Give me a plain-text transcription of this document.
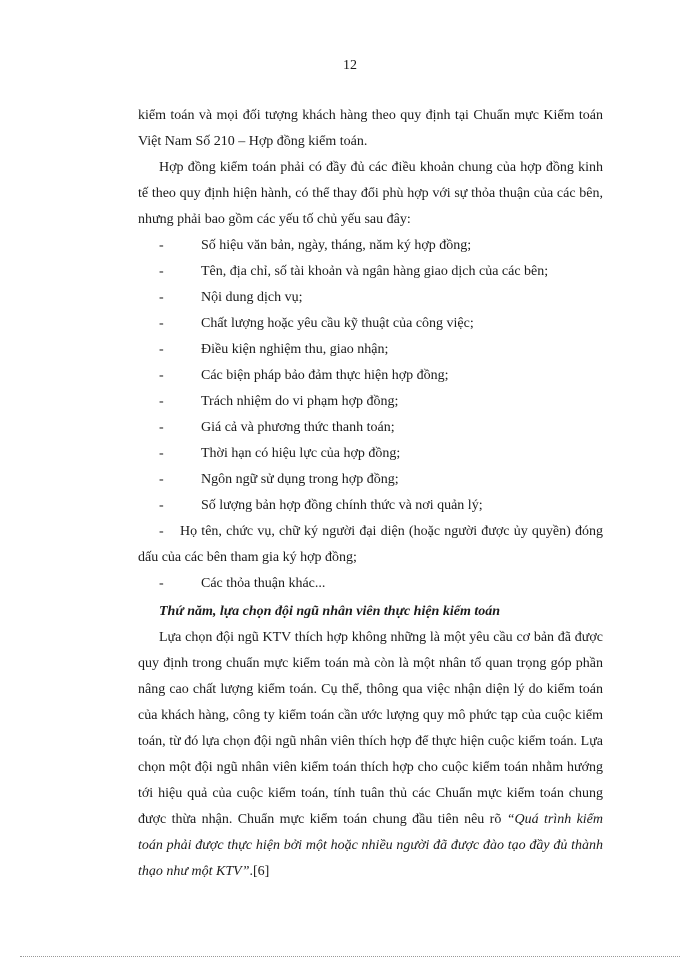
12

kiểm toán và mọi đối tượng khách hàng theo quy định tại Chuẩn mực Kiểm toán Việt Nam Số 210 – Hợp đồng kiểm toán.

Hợp đồng kiểm toán phải có đầy đủ các điều khoản chung của hợp đồng kinh tế theo quy định hiện hành, có thể thay đổi phù hợp với sự thỏa thuận của các bên, nhưng phải bao gồm các yếu tố chủ yếu sau đây:

-	Số hiệu văn bản, ngày, tháng, năm ký hợp đồng;
-	Tên, địa chỉ, số tài khoản và ngân hàng giao dịch của các bên;
-	Nội dung dịch vụ;
-	Chất lượng hoặc yêu cầu kỹ thuật của công việc;
-	Điều kiện nghiệm thu, giao nhận;
-	Các biện pháp bảo đảm thực hiện hợp đồng;
-	Trách nhiệm do vi phạm hợp đồng;
-	Giá cả và phương thức thanh toán;
-	Thời hạn có hiệu lực của hợp đồng;
-	Ngôn ngữ sử dụng trong hợp đồng;
-	Số lượng bản hợp đồng chính thức và nơi quản lý;

- Họ tên, chức vụ, chữ ký người đại diện (hoặc người được ủy quyền) đóng dấu của các bên tham gia ký hợp đồng;

-	Các thỏa thuận khác...

Thứ năm, lựa chọn đội ngũ nhân viên thực hiện kiểm toán

Lựa chọn đội ngũ KTV thích hợp không những là một yêu cầu cơ bản đã được quy định trong chuẩn mực kiểm toán mà còn là một nhân tố quan trọng góp phần nâng cao chất lượng kiểm toán. Cụ thể, thông qua việc nhận diện lý do kiểm toán của khách hàng, công ty kiểm toán cần ước lượng quy mô phức tạp của cuộc kiểm toán, từ đó lựa chọn đội ngũ nhân viên thích hợp để thực hiện cuộc kiểm toán. Lựa chọn một đội ngũ nhân viên kiểm toán thích hợp cho cuộc kiểm toán nhằm hướng tới hiệu quả của cuộc kiểm toán, tính tuân thủ các Chuẩn mực kiểm toán chung được thừa nhận. Chuẩn mực kiểm toán chung đầu tiên nêu rõ “Quá trình kiểm toán phải được thực hiện bởi một hoặc nhiều người đã được đào tạo đầy đủ thành thạo như một KTV”.[6]
